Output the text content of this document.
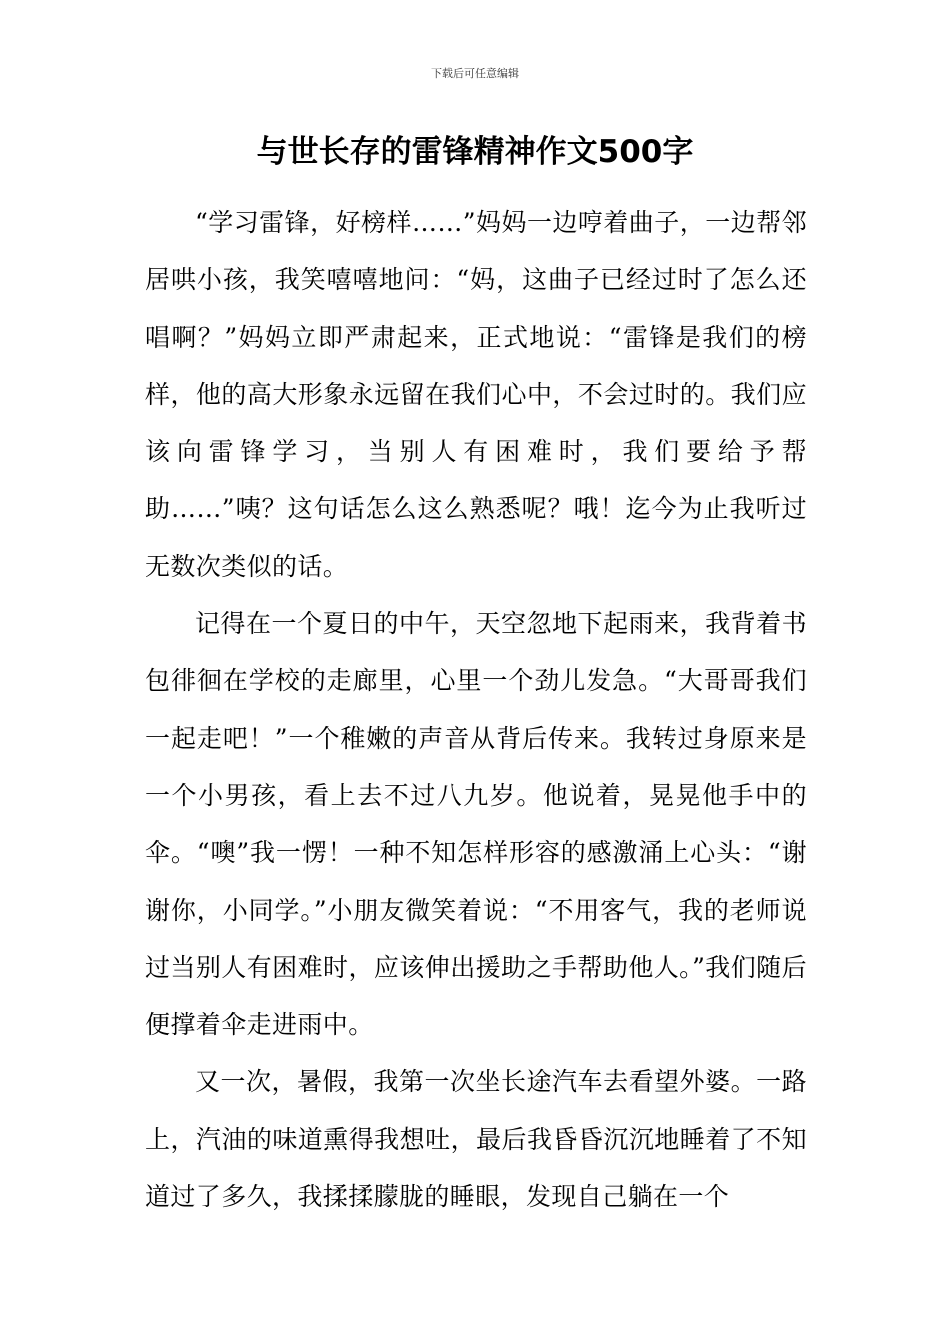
下载后可任意编辑
与世长存的雷锋精神作文500字

“学习雷锋，好榜样……”妈妈一边哼着曲子，一边帮邻居哄小孩，我笑嘻嘻地问：“妈，这曲子已经过时了怎么还唱啊？”妈妈立即严肃起来，正式地说：“雷锋是我们的榜样，他的高大形象永远留在我们心中，不会过时的。我们应该向雷锋学习，当别人有困难时，我们要给予帮助……”咦？这句话怎么这么熟悉呢？哦！迄今为止我听过无数次类似的话。

记得在一个夏日的中午，天空忽地下起雨来，我背着书包徘徊在学校的走廊里，心里一个劲儿发急。“大哥哥我们一起走吧！”一个稚嫩的声音从背后传来。我转过身原来是一个小男孩，看上去不过八九岁。他说着，晃晃他手中的伞。“噢”我一愣！一种不知怎样形容的感激涌上心头：“谢谢你，小同学。”小朋友微笑着说：“不用客气，我的老师说过当别人有困难时，应该伸出援助之手帮助他人。”我们随后便撑着伞走进雨中。

又一次，暑假，我第一次坐长途汽车去看望外婆。一路上，汽油的味道熏得我想吐，最后我昏昏沉沉地睡着了不知道过了多久，我揉揉朦胧的睡眼，发现自己躺在一个
